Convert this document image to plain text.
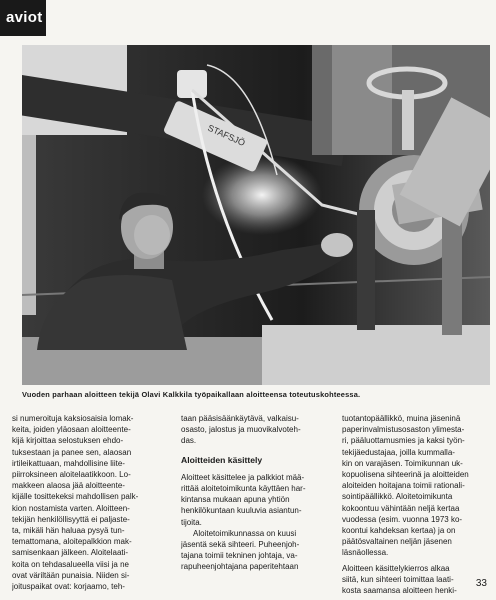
aviot
STAFSJÖ
Vuoden parhaan aloitteen tekijä Olavi Kalkkila työpaikallaan aloitteensa toteutuskohteessa.

si numeroituja kaksiosaisia lomak-
keita, joiden yläosaan aloitteente-
kijä kirjoittaa selostuksen ehdo-
tuksestaan ja panee sen, alaosan
irtileikattuaan, mahdollisine liite-
piirroksineen aloitelaatikkoon. Lo-
makkeen alaosa jää aloitteente-
kijälle tosittekeksi mahdollisen palk-
kion nostamista varten. Aloitteen-
tekijän henkilöllisyyttä ei paljaste-
ta, mikäli hän haluaa pysyä tun-
temattomana, aloitepalkkion mak-
samisenkaan jälkeen. Aloitelaati-
koita on tehdasalueella viisi ja ne
ovat väriltään punaisia. Niiden si-
joituspaikat ovat: korjaamo, teh-

taan pääsisäänkäytävä, valkaisu-
osasto, jalostus ja muovikalvoteh-
das.

Aloitteiden käsittely

Aloitteet käsittelee ja palkkiot mää-
rittää aloitetoimikunta käyttäen har-
kintansa mukaan apuna yhtiön
henkilökuntaan kuuluvia asiantun-
tijoita.

Aloitetoimikunnassa on kuusi
jäsentä sekä sihteeri. Puheenjoh-
tajana toimii tekninen johtaja, va-
rapuheenjohtajana paperitehtaan

tuotantopäällikkö, muina jäseninä
paperinvalmistusosaston ylimesta-
ri, pääluottamusmies ja kaksi työn-
tekijäedustajaa, joilla kummalla-
kin on varajäsen. Toimikunnan uk-
kopuolisena sihteerinä ja aloitteiden
aloiteiden hoitajana toimii rationali-
sointipäällikkö. Aloitetoimikunta
kokoontuu vähintään neljä kertaa
vuodessa (esim. vuonna 1973 ko-
koontui kahdeksan kertaa) ja on
päätösvaltainen neljän jäsenen
läsnäollessa.

Aloitteen käsittelykierros alkaa
siitä, kun sihteeri toimittaa laati-
kosta saamansa aloitteen henki-

33
